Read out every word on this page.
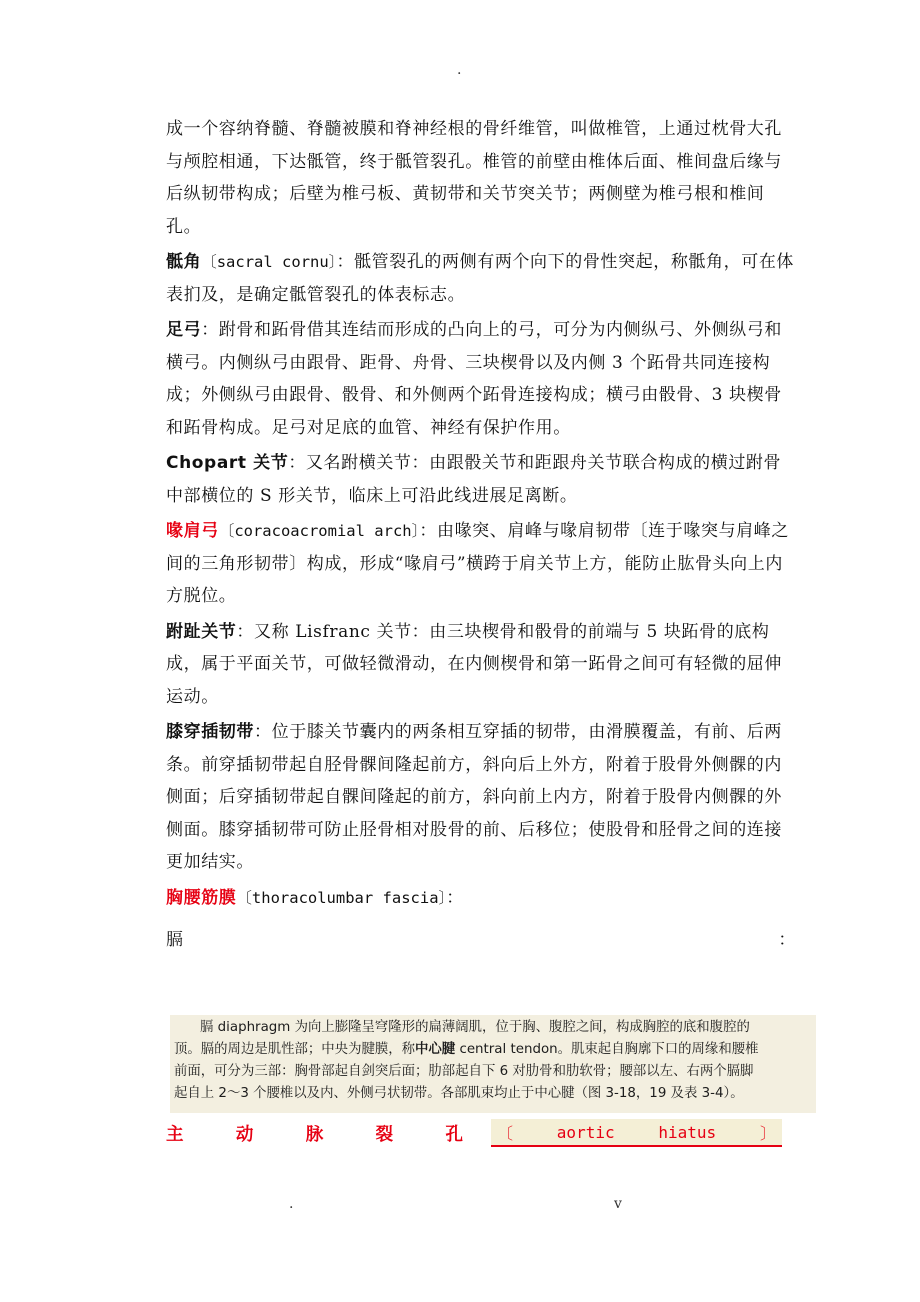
.

成一个容纳脊髓、脊髓被膜和脊神经根的骨纤维管，叫做椎管，上通过枕骨大孔与颅腔相通，下达骶管，终于骶管裂孔。椎管的前壁由椎体后面、椎间盘后缘与后纵韧带构成；后壁为椎弓板、黄韧带和关节突关节；两侧壁为椎弓根和椎间孔。

骶角〔sacral cornu〕：骶管裂孔的两侧有两个向下的骨性突起，称骶角，可在体表扪及，是确定骶管裂孔的体表标志。

足弓：跗骨和跖骨借其连结而形成的凸向上的弓，可分为内侧纵弓、外侧纵弓和横弓。内侧纵弓由跟骨、距骨、舟骨、三块楔骨以及内侧 3 个跖骨共同连接构成；外侧纵弓由跟骨、骰骨、和外侧两个跖骨连接构成；横弓由骰骨、3 块楔骨和跖骨构成。足弓对足底的血管、神经有保护作用。

Chopart 关节：又名跗横关节：由跟骰关节和距跟舟关节联合构成的横过跗骨中部横位的 S 形关节，临床上可沿此线进展足离断。

喙肩弓〔coracoacromial arch〕：由喙突、肩峰与喙肩韧带〔连于喙突与肩峰之间的三角形韧带〕构成，形成“喙肩弓”横跨于肩关节上方，能防止肱骨头向上内方脱位。

跗趾关节：又称 Lisfranc 关节：由三块楔骨和骰骨的前端与 5 块跖骨的底构成，属于平面关节，可做轻微滑动，在内侧楔骨和第一跖骨之间可有轻微的屈伸运动。

膝穿插韧带：位于膝关节囊内的两条相互穿插的韧带，由滑膜覆盖，有前、后两条。前穿插韧带起自胫骨髁间隆起前方，斜向后上外方，附着于股骨外侧髁的内侧面；后穿插韧带起自髁间隆起的前方，斜向前上内方，附着于股骨内侧髁的外侧面。膝穿插韧带可防止胫骨相对股骨的前、后移位；使股骨和胫骨之间的连接更加结实。

胸腰筋膜〔thoracolumbar fascia〕：

膈	：
膈 diaphragm 为向上膨隆呈穹隆形的扁薄阔肌，位于胸、腹腔之间，构成胸腔的底和腹腔的
顶。膈的周边是肌性部；中央为腱膜，称中心腱 central tendon。肌束起自胸廓下口的周缘和腰椎
前面，可分为三部：胸骨部起自剑突后面；肋部起自下 6 对肋骨和肋软骨；腰部以左、右两个膈脚
起自上 2～3 个腰椎以及内、外侧弓状韧带。各部肌束均止于中心腱（图 3-18，19 及表 3-4）。
主	动	脉	裂	孔 〔	aortic	hiatus	〕
.	v
